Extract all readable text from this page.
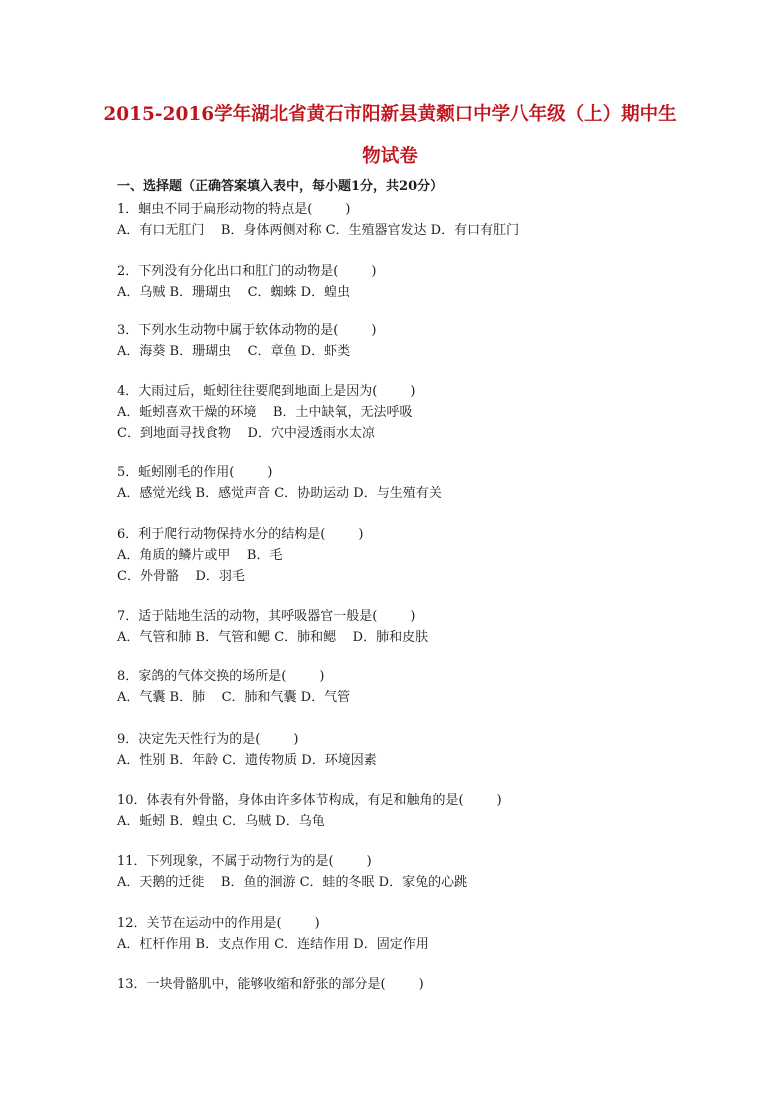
2015-2016学年湖北省黄石市阳新县黄颡口中学八年级（上）期中生
物试卷
一、选择题（正确答案填入表中，每小题1分，共20分）
1．蛔虫不同于扁形动物的特点是(        )
A．有口无肛门    B．身体两侧对称 C．生殖器官发达 D．有口有肛门
2．下列没有分化出口和肛门的动物是(        )
A．乌贼 B．珊瑚虫    C．蜘蛛 D．蝗虫
3．下列水生动物中属于软体动物的是(        )
A．海葵 B．珊瑚虫    C．章鱼 D．虾类
4．大雨过后，蚯蚓往往要爬到地面上是因为(        )
A．蚯蚓喜欢干燥的环境    B．土中缺氧，无法呼吸
C．到地面寻找食物    D．穴中浸透雨水太凉
5．蚯蚓刚毛的作用(        )
A．感觉光线 B．感觉声音 C．协助运动 D．与生殖有关
6．利于爬行动物保持水分的结构是(        )
A．角质的鳞片或甲    B．毛
C．外骨骼    D．羽毛
7．适于陆地生活的动物，其呼吸器官一般是(        )
A．气管和肺 B．气管和鳃 C．肺和鳃    D．肺和皮肤
8．家鸽的气体交换的场所是(        )
A．气囊 B．肺    C．肺和气囊 D．气管
9．决定先天性行为的是(        )
A．性别 B．年龄 C．遗传物质 D．环境因素
10．体表有外骨骼，身体由许多体节构成，有足和触角的是(        )
A．蚯蚓 B．蝗虫 C．乌贼 D．乌龟
11．下列现象，不属于动物行为的是(        )
A．天鹅的迁徙    B．鱼的洄游 C．蛙的冬眠 D．家兔的心跳
12．关节在运动中的作用是(        )
A．杠杆作用 B．支点作用 C．连结作用 D．固定作用
13．一块骨骼肌中，能够收缩和舒张的部分是(        )
